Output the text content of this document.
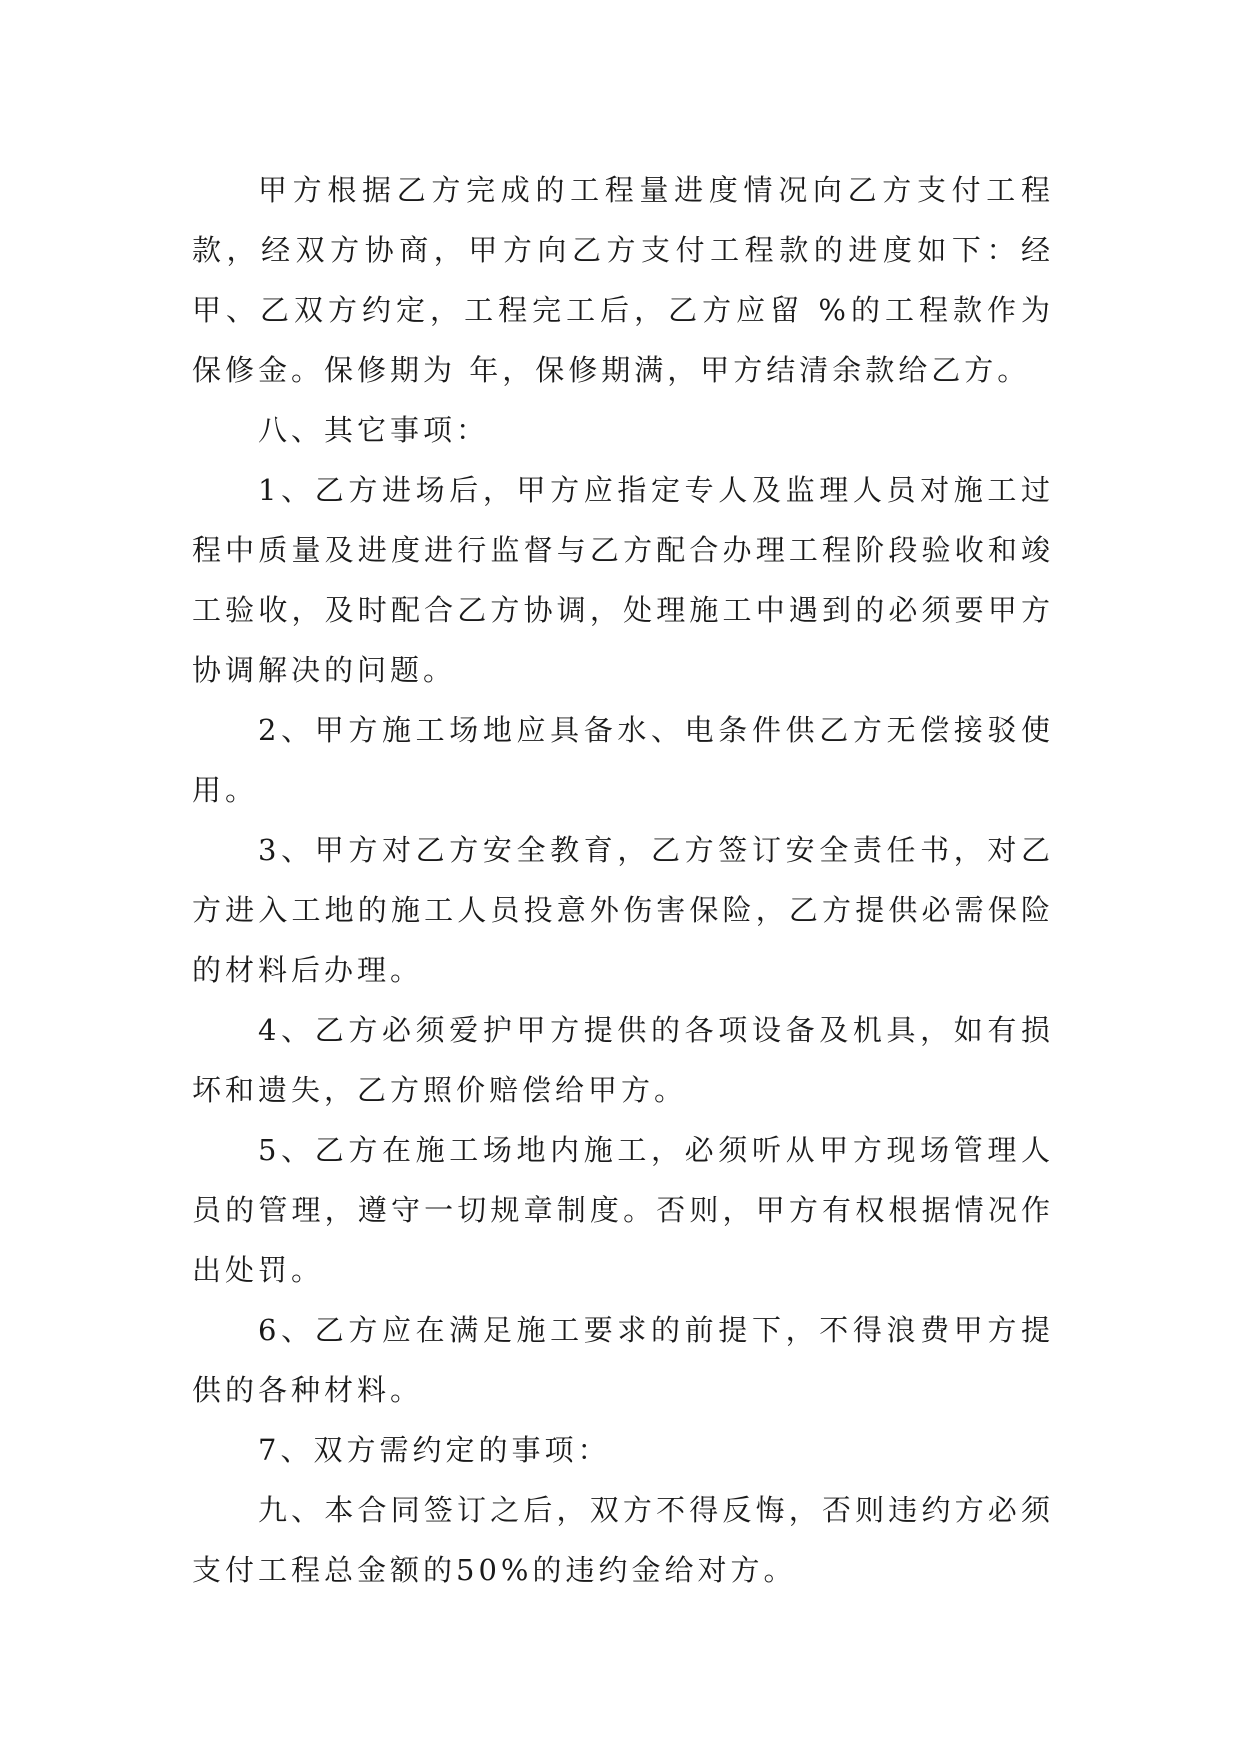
甲方根据乙方完成的工程量进度情况向乙方支付工程款，经双方协商，甲方向乙方支付工程款的进度如下：经甲、乙双方约定，工程完工后，乙方应留 %的工程款作为保修金。保修期为 年，保修期满，甲方结清余款给乙方。

八、其它事项：

1、乙方进场后，甲方应指定专人及监理人员对施工过程中质量及进度进行监督与乙方配合办理工程阶段验收和竣工验收，及时配合乙方协调，处理施工中遇到的必须要甲方协调解决的问题。

2、甲方施工场地应具备水、电条件供乙方无偿接驳使用。

3、甲方对乙方安全教育，乙方签订安全责任书，对乙方进入工地的施工人员投意外伤害保险，乙方提供必需保险的材料后办理。

4、乙方必须爱护甲方提供的各项设备及机具，如有损坏和遗失，乙方照价赔偿给甲方。

5、乙方在施工场地内施工，必须听从甲方现场管理人员的管理，遵守一切规章制度。否则，甲方有权根据情况作出处罚。

6、乙方应在满足施工要求的前提下，不得浪费甲方提供的各种材料。

7、双方需约定的事项：

九、本合同签订之后，双方不得反悔，否则违约方必须支付工程总金额的50%的违约金给对方。
